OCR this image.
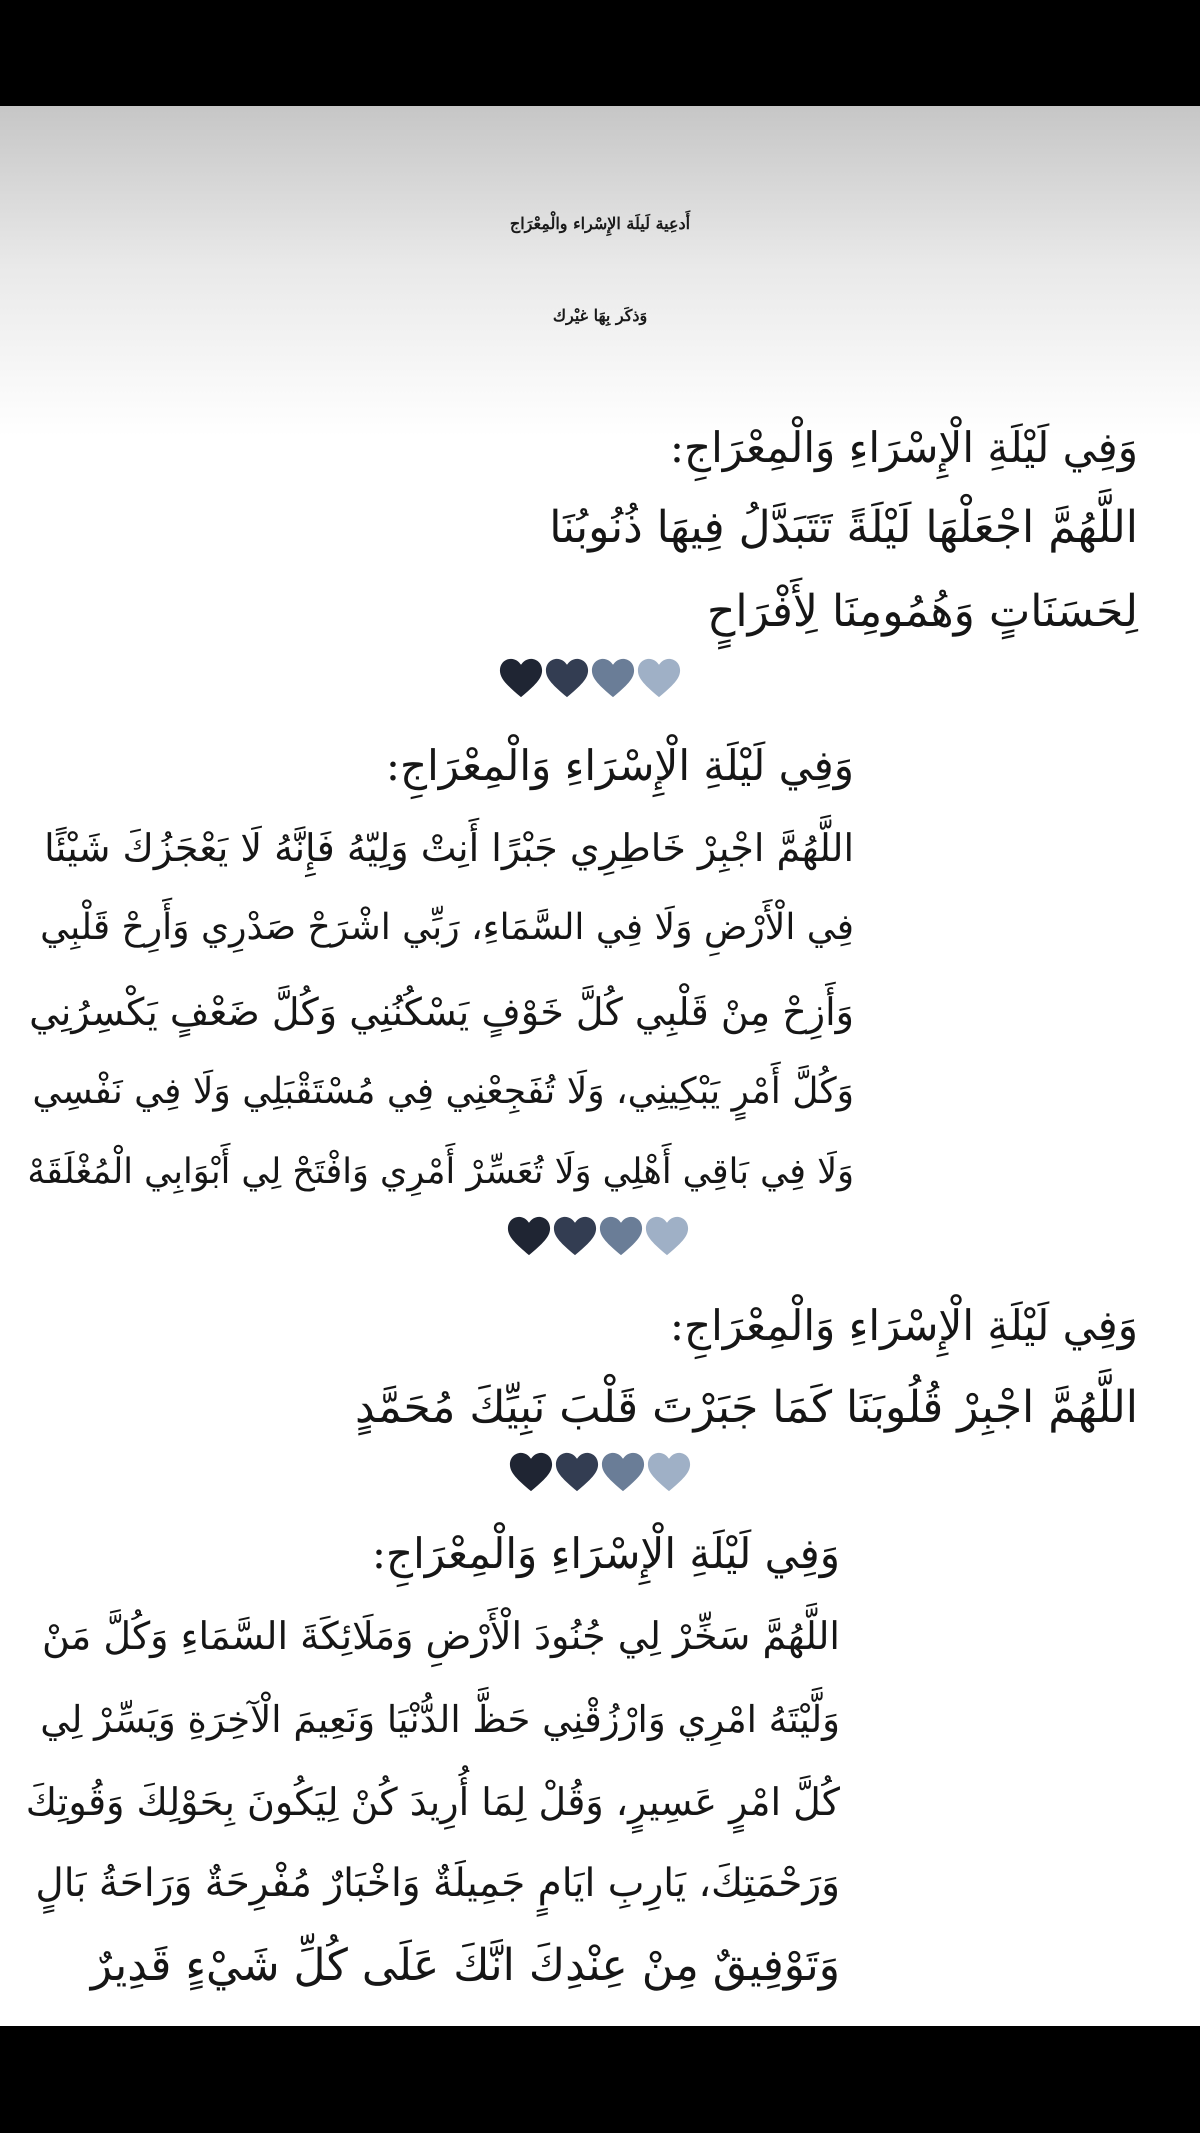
أَدعِية لَيلَة الإِسْراء والْمِعْرَاج
وَذكَر بِهَا غيْرك
وَفِي لَيْلَةِ الْإِسْرَاءِ وَالْمِعْرَاجِ:
اللَّهُمَّ اجْعَلْهَا لَيْلَةً تَتَبَدَّلُ فِيهَا ذُنُوبُنَا
لِحَسَنَاتٍ وَهُمُومِنَا لِأَفْرَاحٍ
وَفِي لَيْلَةِ الْإِسْرَاءِ وَالْمِعْرَاجِ:
اللَّهُمَّ اجْبِرْ خَاطِرِي جَبْرًا أَنِتْ وَلِيّهُ فَإِنَّهُ لَا يَعْجَزُكَ شَيْئًا
فِي الْأَرْضِ وَلَا فِي السَّمَاءِ، رَبِّي اشْرَحْ صَدْرِي وَأَرِحْ قَلْبِي
وَأَزِحْ مِنْ قَلْبِي كُلَّ خَوْفٍ يَسْكُنُنِي وَكُلَّ ضَعْفٍ يَكْسِرُنِي
وَكُلَّ أَمْرٍ يَبْكِينِي، وَلَا تُفَجِعْنِي فِي مُسْتَقْبَلِي وَلَا فِي نَفْسِي
وَلَا فِي بَاقِي أَهْلِي وَلَا تُعَسِّرْ أَمْرِي وَافْتَحْ لِي أَبْوَابِي الْمُغْلَقَهْ
وَفِي لَيْلَةِ الْإِسْرَاءِ وَالْمِعْرَاجِ:
اللَّهُمَّ اجْبِرْ قُلُوبَنَا كَمَا جَبَرْتَ قَلْبَ نَبِيِّكَ مُحَمَّدٍ
وَفِي لَيْلَةِ الْإِسْرَاءِ وَالْمِعْرَاجِ:
اللَّهُمَّ سَخِّرْ لِي جُنُودَ الْأَرْضِ وَمَلَائِكَةَ السَّمَاءِ وَكُلَّ مَنْ
وَلَّيْتَهُ امْرِي وَارْزُقْنِي حَظَّ الدُّنْيَا وَنَعِيمَ الْآخِرَةِ وَيَسِّرْ لِي
كُلَّ امْرٍ عَسِيرٍ، وَقُلْ لِمَا أُرِيدَ كُنْ لِيَكُونَ بِحَوْلِكَ وَقُوتِكَ
وَرَحْمَتِكَ، يَارِبِ ايَامٍ جَمِيلَةٌ وَاخْبَارٌ مُفْرِحَةٌ وَرَاحَةُ بَالٍ
وَتَوْفِيقٌ مِنْ عِنْدِكَ انَّكَ عَلَى كُلِّ شَيْءٍ قَدِيرٌ
